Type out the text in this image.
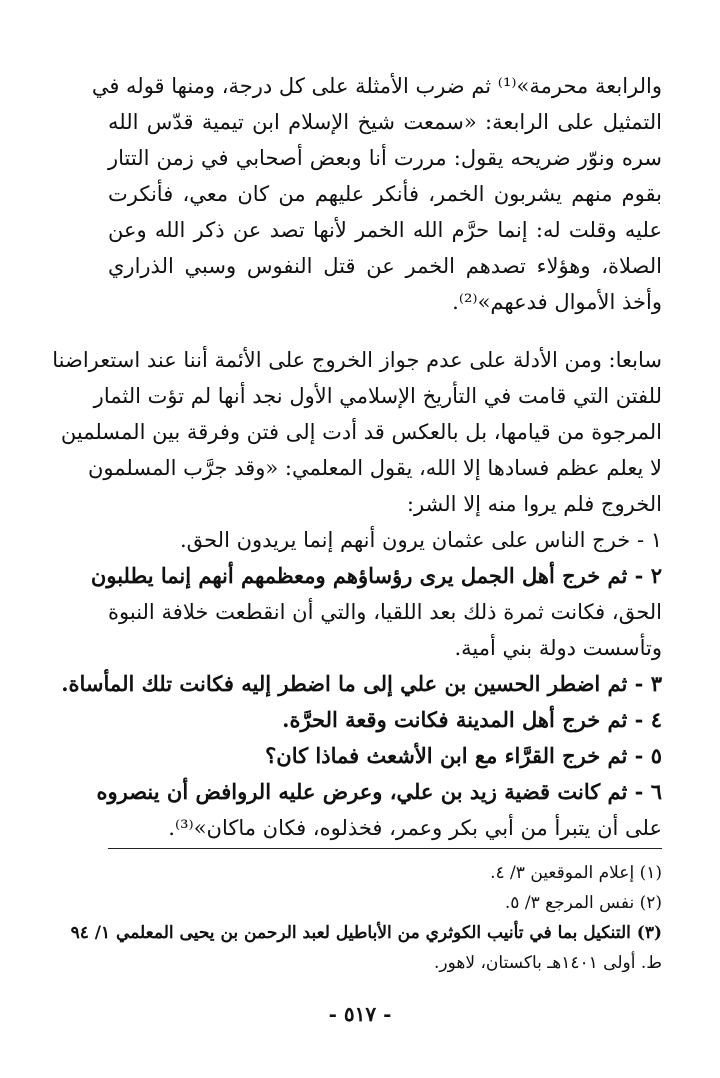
والرابعة محرمة»⁽¹⁾ ثم ضرب الأمثلة على كل درجة، ومنها قوله في
التمثيل على الرابعة: «سمعت شيخ الإسلام ابن تيمية قدّس الله
سره ونوّر ضريحه يقول: مررت أنا وبعض أصحابي في زمن التتار
بقوم منهم يشربون الخمر، فأنكر عليهم من كان معي، فأنكرت
عليه وقلت له: إنما حرَّم الله الخمر لأنها تصد عن ذكر الله وعن
الصلاة، وهؤلاء تصدهم الخمر عن قتل النفوس وسبي الذراري
وأخذ الأموال فدعهم»⁽²⁾.
سابعا: ومن الأدلة على عدم جواز الخروج على الأئمة أننا عند استعراضنا
للفتن التي قامت في التأريخ الإسلامي الأول نجد أنها لم تؤت الثمار
المرجوة من قيامها، بل بالعكس قد أدت إلى فتن وفرقة بين المسلمين
لا يعلم عظم فسادها إلا الله، يقول المعلمي: «وقد جرَّب المسلمون
الخروج فلم يروا منه إلا الشر:
١ - خرج الناس على عثمان يرون أنهم إنما يريدون الحق.
٢ - ثم خرج أهل الجمل يرى رؤساؤهم ومعظمهم أنهم إنما يطلبون
الحق، فكانت ثمرة ذلك بعد اللقيا، والتي أن انقطعت خلافة النبوة
وتأسست دولة بني أمية.
٣ - ثم اضطر الحسين بن علي إلى ما اضطر إليه فكانت تلك المأساة.
٤ - ثم خرج أهل المدينة فكانت وقعة الحرَّة.
٥ - ثم خرج القرَّاء مع ابن الأشعث فماذا كان؟
٦ - ثم كانت قضية زيد بن علي، وعرض عليه الروافض أن ينصروه
على أن يتبرأ من أبي بكر وعمر، فخذلوه، فكان ماكان»⁽³⁾.
(١) إعلام الموقعين ٣/ ٤.
(٢) نفس المرجع ٣/ ٥.
(٣) التنكيل بما في تأنيب الكوثري من الأباطيل لعبد الرحمن بن يحيى المعلمي ١/ ٩٤
ط. أولى ١٤٠١هـ باكستان، لاهور.
- ٥١٧ -
